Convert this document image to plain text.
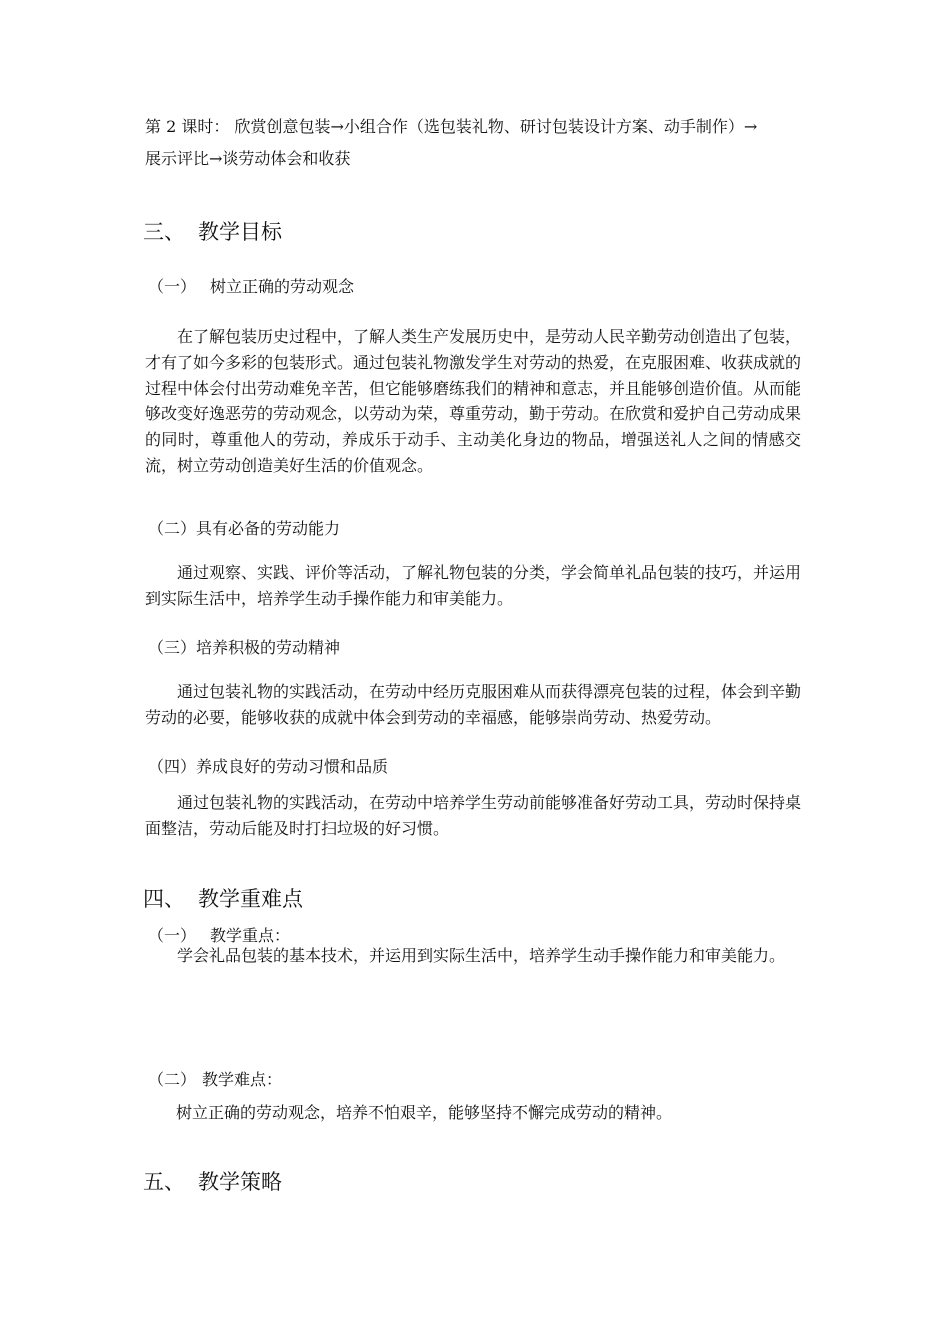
第 2 课时： 欣赏创意包装→小组合作（选包装礼物、研讨包装设计方案、动手制作）→
展示评比→谈劳动体会和收获
三、 教学目标
（一） 树立正确的劳动观念

在了解包装历史过程中，了解人类生产发展历史中，是劳动人民辛勤劳动创造出了包装，才有了如今多彩的包装形式。通过包装礼物激发学生对劳动的热爱，在克服困难、收获成就的过程中体会付出劳动难免辛苦，但它能够磨练我们的精神和意志，并且能够创造价值。从而能够改变好逸恶劳的劳动观念，以劳动为荣，尊重劳动，勤于劳动。在欣赏和爱护自己劳动成果的同时，尊重他人的劳动，养成乐于动手、主动美化身边的物品，增强送礼人之间的情感交流，树立劳动创造美好生活的价值观念。

（二）具有必备的劳动能力

通过观察、实践、评价等活动，了解礼物包装的分类，学会简单礼品包装的技巧，并运用到实际生活中，培养学生动手操作能力和审美能力。

（三）培养积极的劳动精神

通过包装礼物的实践活动，在劳动中经历克服困难从而获得漂亮包装的过程，体会到辛勤劳动的必要，能够收获的成就中体会到劳动的幸福感，能够崇尚劳动、热爱劳动。

（四）养成良好的劳动习惯和品质

通过包装礼物的实践活动，在劳动中培养学生劳动前能够准备好劳动工具，劳动时保持桌面整洁，劳动后能及时打扫垃圾的好习惯。

四、 教学重难点
（一） 教学重点：
学会礼品包装的基本技术，并运用到实际生活中，培养学生动手操作能力和审美能力。
（二） 教学难点：
树立正确的劳动观念，培养不怕艰辛，能够坚持不懈完成劳动的精神。
五、 教学策略
